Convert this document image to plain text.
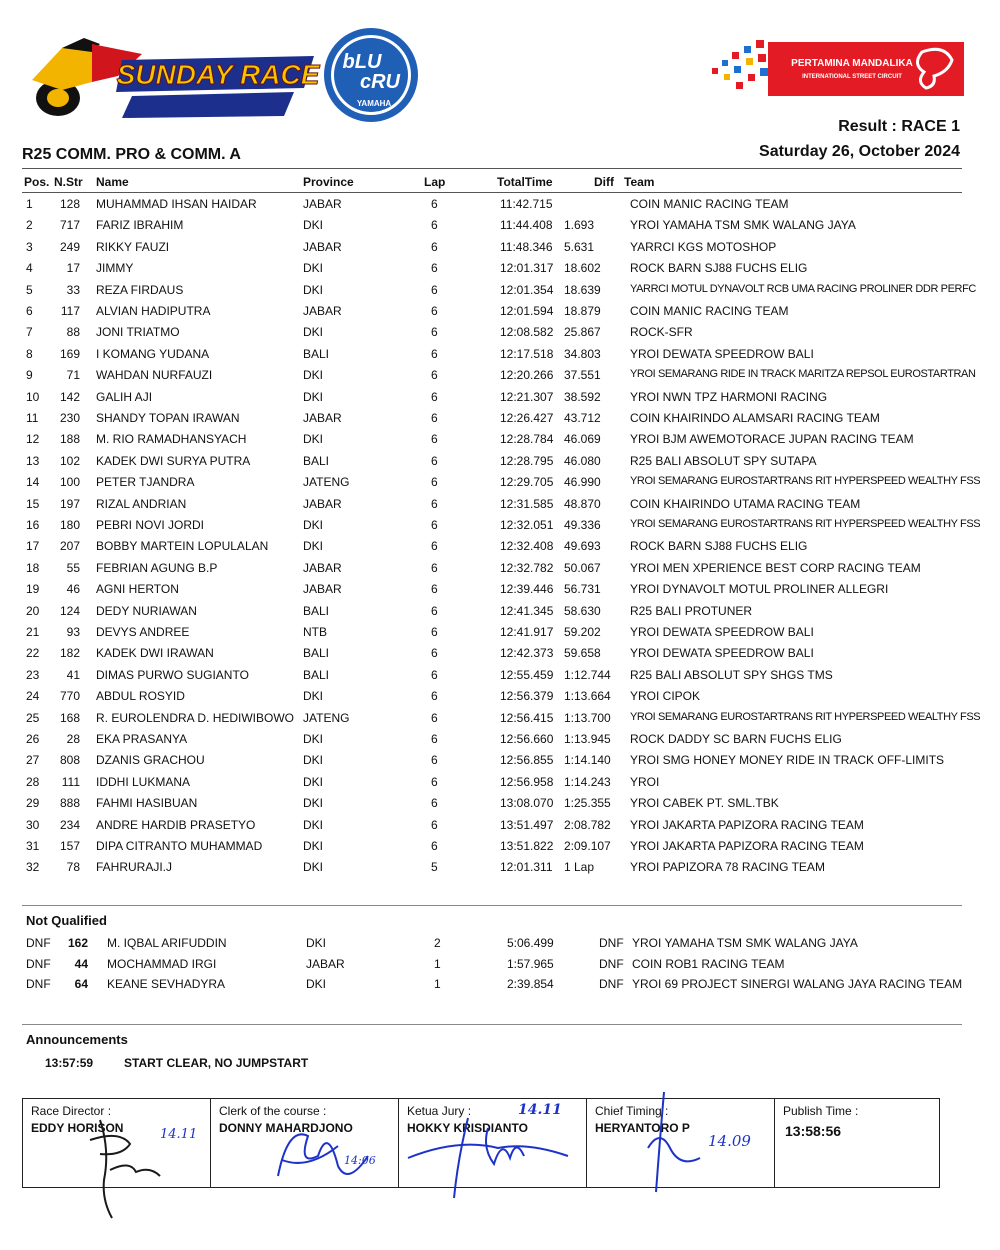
SUNDAY RACE bLU
cRU
YAMAHA
PERTAMINA MANDALIKA
INTERNATIONAL STREET CIRCUIT
Result : RACE 1
Saturday 26, October 2024
R25 COMM. PRO & COMM. A
Pos. N.Str Name	Province	Lap	TotalTime	Diff Team
1	128 MUHAMMAD IHSAN HAIDAR	JABAR	6	11:42.715	COIN MANIC RACING TEAM
2	717 FARIZ IBRAHIM	DKI	6	11:44.408 1.693	YROI YAMAHA TSM SMK WALANG JAYA
3	249 RIKKY FAUZI	JABAR	6	11:48.346 5.631	YARRCI KGS MOTOSHOP
4	17 JIMMY	DKI	6	12:01.317 18.602 ROCK BARN SJ88 FUCHS ELIG
5	33 REZA FIRDAUS	DKI	6	12:01.354 18.639	YARRCI MOTUL DYNAVOLT RCB UMA RACING PROLINER DDR PERFC
6	117 ALVIAN HADIPUTRA	JABAR	6	12:01.594 18.879 COIN MANIC RACING TEAM
7	88 JONI TRIATMO	DKI	6	12:08.582 25.867 ROCK-SFR
8	169 I KOMANG YUDANA	BALI	6	12:17.518 34.803 YROI DEWATA SPEEDROW BALI
9	71 WAHDAN NURFAUZI	DKI	6	12:20.266 37.551	YROI SEMARANG RIDE IN TRACK MARITZA REPSOL EUROSTARTRAN
10	142 GALIH AJI	DKI	6	12:21.307 38.592 YROI NWN TPZ HARMONI RACING
11	230 SHANDY TOPAN IRAWAN	JABAR	6	12:26.427 43.712 COIN KHAIRINDO ALAMSARI RACING TEAM
12	188 M. RIO RAMADHANSYACH	DKI	6	12:28.784 46.069 YROI BJM AWEMOTORACE JUPAN RACING TEAM
13	102 KADEK DWI SURYA PUTRA	BALI	6	12:28.795 46.080 R25 BALI ABSOLUT SPY SUTAPA
14	100 PETER TJANDRA	JATENG	6	12:29.705 46.990	YROI SEMARANG EUROSTARTRANS RIT HYPERSPEED WEALTHY FSS
15	197 RIZAL ANDRIAN	JABAR	6	12:31.585 48.870 COIN KHAIRINDO UTAMA RACING TEAM
16	180 PEBRI NOVI JORDI	DKI	6	12:32.051 49.336	YROI SEMARANG EUROSTARTRANS RIT HYPERSPEED WEALTHY FSS
17	207 BOBBY MARTEIN LOPULALAN	DKI	6	12:32.408 49.693 ROCK BARN SJ88 FUCHS ELIG
18	55 FEBRIAN AGUNG B.P	JABAR	6	12:32.782 50.067 YROI MEN XPERIENCE BEST CORP RACING TEAM
19	46 AGNI HERTON	JABAR	6	12:39.446 56.731 YROI DYNAVOLT MOTUL PROLINER ALLEGRI
20	124 DEDY NURIAWAN	BALI	6	12:41.345 58.630 R25 BALI PROTUNER
21	93 DEVYS ANDREE	NTB	6	12:41.917 59.202 YROI DEWATA SPEEDROW BALI
22	182 KADEK DWI IRAWAN	BALI	6	12:42.373 59.658 YROI DEWATA SPEEDROW BALI
23	41 DIMAS PURWO SUGIANTO	BALI	6	12:55.459 1:12.744 R25 BALI ABSOLUT SPY SHGS TMS
24	770 ABDUL ROSYID	DKI	6	12:56.379 1:13.664 YROI CIPOK
25	168 R. EUROLENDRA D. HEDIWIBOWO JATENG	6	12:56.415 1:13.700 YROI SEMARANG EUROSTARTRANS RIT HYPERSPEED WEALTHY FSS
26	28 EKA PRASANYA	DKI	6	12:56.660 1:13.945 ROCK DADDY SC BARN FUCHS ELIG
27	808 DZANIS GRACHOU	DKI	6	12:56.855 1:14.140 YROI SMG HONEY MONEY RIDE IN TRACK OFF-LIMITS
28	111 IDDHI LUKMANA	DKI	6	12:56.958 1:14.243 YROI
29	888 FAHMI HASIBUAN	DKI	6	13:08.070 1:25.355 YROI CABEK PT. SML.TBK
30	234 ANDRE HARDIB PRASETYO	DKI	6	13:51.497 2:08.782 YROI JAKARTA PAPIZORA RACING TEAM
31	157 DIPA CITRANTO MUHAMMAD	DKI	6	13:51.822 2:09.107 YROI JAKARTA PAPIZORA RACING TEAM
32	78 FAHRURAJI.J	DKI	5	12:01.311 1 Lap	YROI PAPIZORA 78 RACING TEAM
Not Qualified
DNF	162 M. IQBAL ARIFUDDIN	DKI	2	5:06.499	DNF YROI YAMAHA TSM SMK WALANG JAYA
DNF	44 MOCHAMMAD IRGI	JABAR	1	1:57.965	DNF COIN ROB1 RACING TEAM
DNF	64 KEANE SEVHADYRA	DKI	1	2:39.854	DNF YROI 69 PROJECT SINERGI WALANG JAYA RACING TEAM
Announcements
13:57:59	START CLEAR, NO JUMPSTART
Race Director :
EDDY HORISON
Clerk of the course :
DONNY MAHARDJONO
Ketua Jury :
HOKKY KRISDIANTO
Chief Timing :
HERYANTORO P
Publish Time :
13:58:56
14.11
14:06
14.11
14.09
